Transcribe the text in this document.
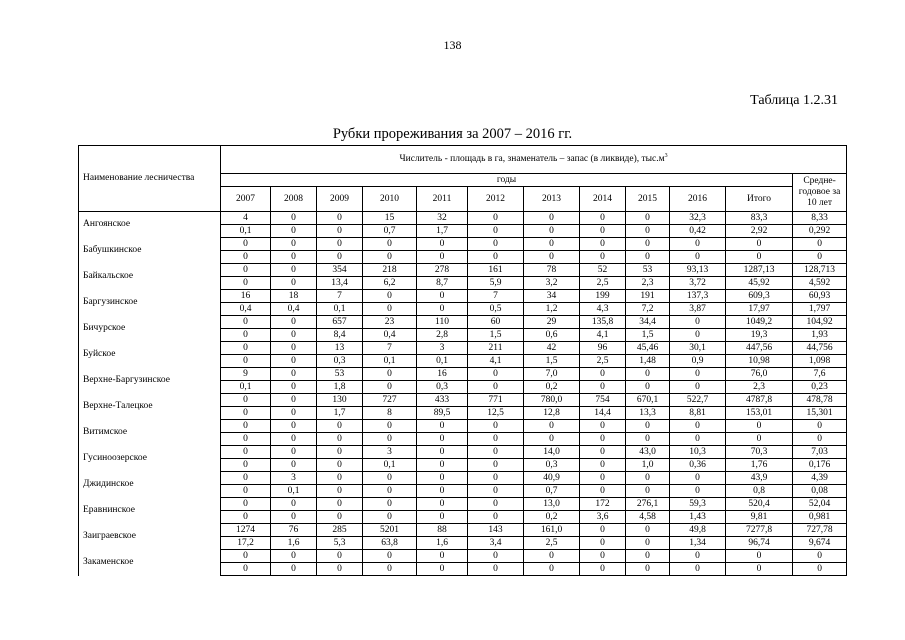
138
Таблица 1.2.31
Рубки прореживания за 2007 – 2016 гг.
Наименование лесничества	Числитель - площадь в га, знаменатель – запас (в ликвиде), $тыс.м^3$
	годы											Средне-годовое за 10 лет
	2007	2008	2009	2010	2011	2012	2013	2014	2015	2016	Итого	
Ангоянское	4	0	0	15	32	0	0	0	0	32,3	83,3	8,33
	0,1	0	0	0,7	1,7	0	0	0	0	0,42	2,92	0,292
Бабушкинское	0	0	0	0	0	0	0	0	0	0	0	0
	0	0	0	0	0	0	0	0	0	0	0	0
Байкальское	0	0	354	218	278	161	78	52	53	93,13	1287,13	128,713
	0	0	13,4	6,2	8,7	5,9	3,2	2,5	2,3	3,72	45,92	4,592
Баргузинское	16	18	7	0	0	7	34	199	191	137,3	609,3	60,93
	0,4	0,4	0,1	0	0	0,5	1,2	4,3	7,2	3,87	17,97	1,797
Бичурское	0	0	657	23	110	60	29	135,8	34,4	0	1049,2	104,92
	0	0	8,4	0,4	2,8	1,5	0,6	4,1	1,5	0	19,3	1,93
Буйское	0	0	13	7	3	211	42	96	45,46	30,1	447,56	44,756
	0	0	0,3	0,1	0,1	4,1	1,5	2,5	1,48	0,9	10,98	1,098
Верхне-Баргузинское	9	0	53	0	16	0	7,0	0	0	0	76,0	7,6
	0,1	0	1,8	0	0,3	0	0,2	0	0	0	2,3	0,23
Верхне-Талецкое	0	0	130	727	433	771	780,0	754	670,1	522,7	4787,8	478,78
	0	0	1,7	8	89,5	12,5	12,8	14,4	13,3	8,81	153,01	15,301
Витимское	0	0	0	0	0	0	0	0	0	0	0	0
	0	0	0	0	0	0	0	0	0	0	0	0
Гусиноозерское	0	0	0	3	0	0	14,0	0	43,0	10,3	70,3	7,03
	0	0	0	0,1	0	0	0,3	0	1,0	0,36	1,76	0,176
Джидинское	0	3	0	0	0	0	40,9	0	0	0	43,9	4,39
	0	0,1	0	0	0	0	0,7	0	0	0	0,8	0,08
Еравнинское	0	0	0	0	0	0	13,0	172	276,1	59,3	520,4	52,04
	0	0	0	0	0	0	0,2	3,6	4,58	1,43	9,81	0,981
Заиграевское	1274	76	285	5201	88	143	161,0	0	0	49,8	7277,8	727,78
	17,2	1,6	5,3	63,8	1,6	3,4	2,5	0	0	1,34	96,74	9,674
Закаменское	0	0	0	0	0	0	0	0	0	0	0	0
	0	0	0	0	0	0	0	0	0	0	0	0
